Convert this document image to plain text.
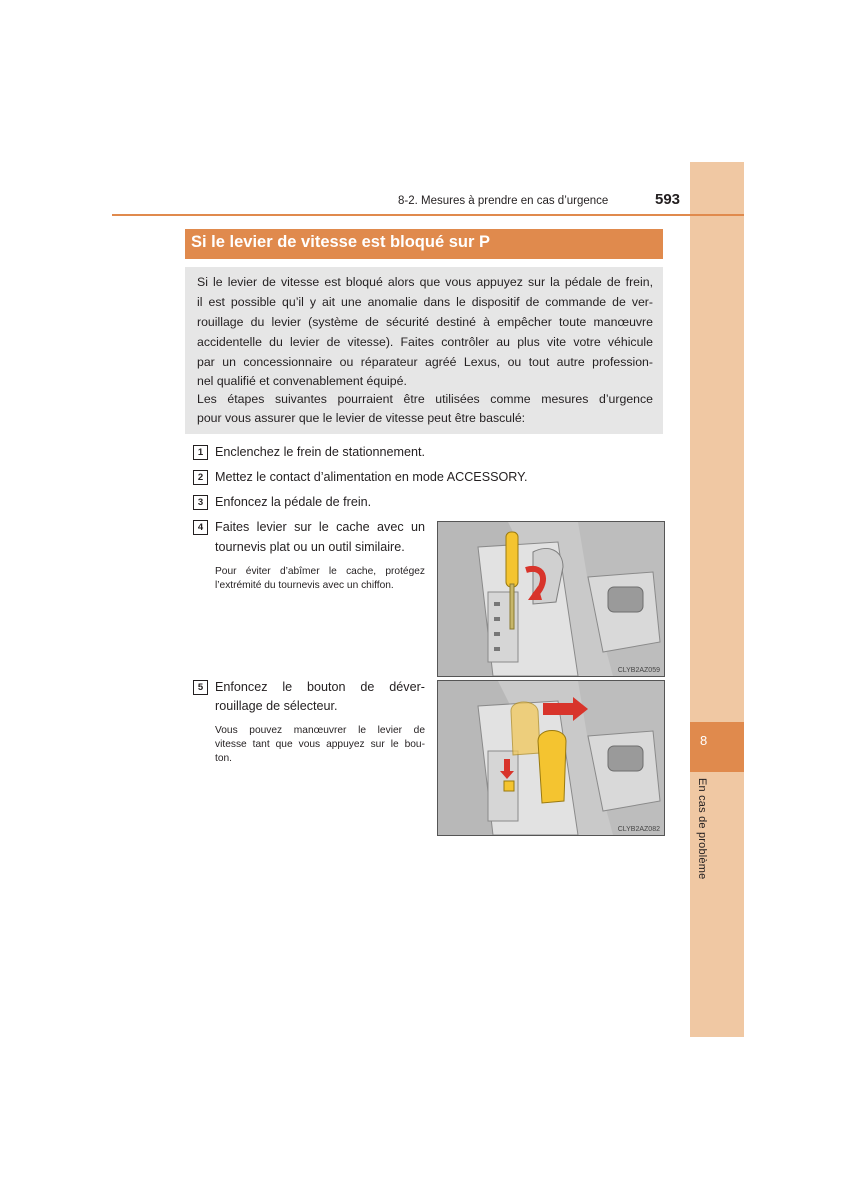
8
En cas de problème
8-2. Mesures à prendre en cas d’urgence	593
Si le levier de vitesse est bloqué sur P
Si le levier de vitesse est bloqué alors que vous appuyez sur la pédale de frein,
il est possible qu’il y ait une anomalie dans le dispositif de commande de ver-
rouillage du levier (système de sécurité destiné à empêcher toute manœuvre
accidentelle du levier de vitesse). Faites contrôler au plus vite votre véhicule
par un concessionnaire ou réparateur agréé Lexus, ou tout autre profession-
nel qualifié et convenablement équipé.
Les étapes suivantes pourraient être utilisées comme mesures d’urgence
pour vous assurer que le levier de vitesse peut être basculé:
1 Enclenchez le frein de stationnement.
2 Mettez le contact d’alimentation en mode ACCESSORY.
3 Enfoncez la pédale de frein.
4 Faites levier sur le cache avec un
tournevis plat ou un outil similaire.
Pour éviter d’abîmer le cache, protégez
l’extrémité du tournevis avec un chiffon.
5 Enfoncez le bouton de déver-
rouillage de sélecteur.
Vous pouvez manœuvrer le levier de
vitesse tant que vous appuyez sur le bou-
ton.
CLYB2AZ059
CLYB2AZ082
